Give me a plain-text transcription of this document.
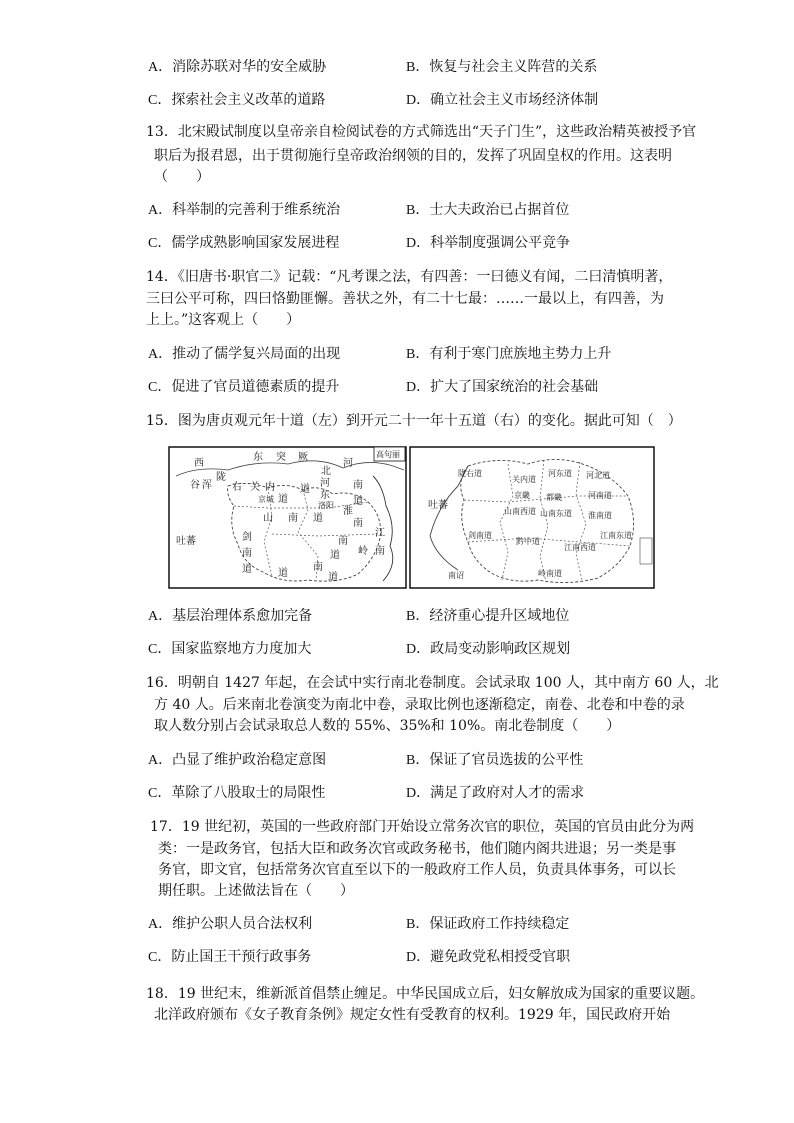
A．消除苏联对华的安全威胁	B．恢复与社会主义阵营的关系
C．探索社会主义改革的道路	D．确立社会主义市场经济体制
13．北宋殿试制度以皇帝亲自检阅试卷的方式筛选出“天子门生”，这些政治精英被授予官
职后为报君恩，出于贯彻施行皇帝政治纲领的目的，发挥了巩固皇权的作用。这表明
（　　）
A．科举制的完善利于维系统治	B．士大夫政治已占据首位
C．儒学成熟影响国家发展进程	D．科举制度强调公平竞争
14．《旧唐书·职官二》记载：“凡考课之法，有四善：一曰德义有闻，二曰清慎明著，
三曰公平可称，四曰恪勤匪懈。善状之外，有二十七最：……一最以上，有四善，为
上上。”这客观上（　　）
A．推动了儒学复兴局面的出现	B．有利于寒门庶族地主势力上升
C．促进了官员道德素质的提升	D．扩大了国家统治的社会基础
15．图为唐贞观元年十道（左）到开元二十一年十五道（右）的变化。据此可知（　）
高句丽
东 突 厥
西
北
河
陇
谷 浑 右 关 内	河
东
京城 道
南
洛阳 道
道
山 南 道
淮
南
吐蕃	剑	江
南
南
道
道	南
岭
道
南
道
吐蕃
河北道
关内道
河东道
河南道
京畿 都畿
山南西道 山南东道 淮南道
剑南道
黔中道
江南东道
江南西道
岭南道
南诏
陇右道
A．基层治理体系愈加完备	B．经济重心提升区域地位
C．国家监察地方力度加大	D．政局变动影响政区规划
16．明朝自 1427 年起，在会试中实行南北卷制度。会试录取 100 人，其中南方 60 人，北
方 40 人。后来南北卷演变为南北中卷，录取比例也逐渐稳定，南卷、北卷和中卷的录
取人数分别占会试录取总人数的 55%、35%和 10%。南北卷制度（　　）
A．凸显了维护政治稳定意图	B．保证了官员选拔的公平性
C．革除了八股取士的局限性	D．满足了政府对人才的需求
17．19 世纪初，英国的一些政府部门开始设立常务次官的职位，英国的官员由此分为两
类：一是政务官，包括大臣和政务次官或政务秘书，他们随内阁共进退；另一类是事
务官，即文官，包括常务次官直至以下的一般政府工作人员，负责具体事务，可以长
期任职。上述做法旨在（　　）
A．维护公职人员合法权利	B．保证政府工作持续稳定
C．防止国王干预行政事务	D．避免政党私相授受官职
18．19 世纪末，维新派首倡禁止缠足。中华民国成立后，妇女解放成为国家的重要议题。
北洋政府颁布《女子教育条例》规定女性有受教育的权利。1929 年，国民政府开始
